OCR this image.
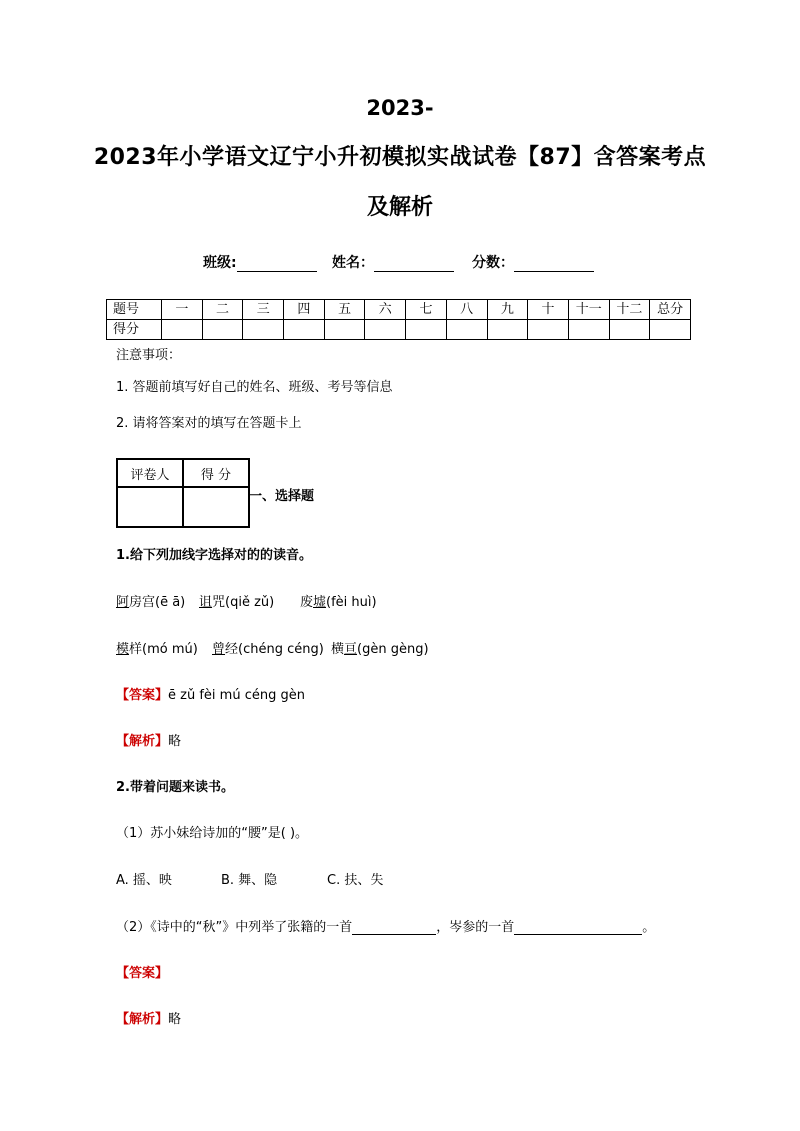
2023-
2023年小学语文辽宁小升初模拟实战试卷【87】含答案考点
及解析
班级:	姓名：	分数：
题号	一	二	三	四	五	六	七	八	九	十	十一	十二	总分
得分													
注意事项：
1. 答题前填写好自己的姓名、班级、考号等信息
2. 请将答案对的填写在答题卡上
评卷人	得 分

一、选择题
1.给下列加线字选择对的的读音。
阿房宫(ē ā) 诅咒(qiě zǔ) 废墟(fèi huì)
模样(mó mú) 曾经(chéng céng) 横亘(gèn gèng)
【答案】ē zǔ fèi mú céng gèn
【解析】略
2.带着问题来读书。
（1）苏小妹给诗加的“腰”是( )。
A. 摇、映	B. 舞、隐	C. 扶、失
（2）《诗中的“秋”》中列举了张籍的一首	，岑参的一首	。
【答案】
【解析】略
